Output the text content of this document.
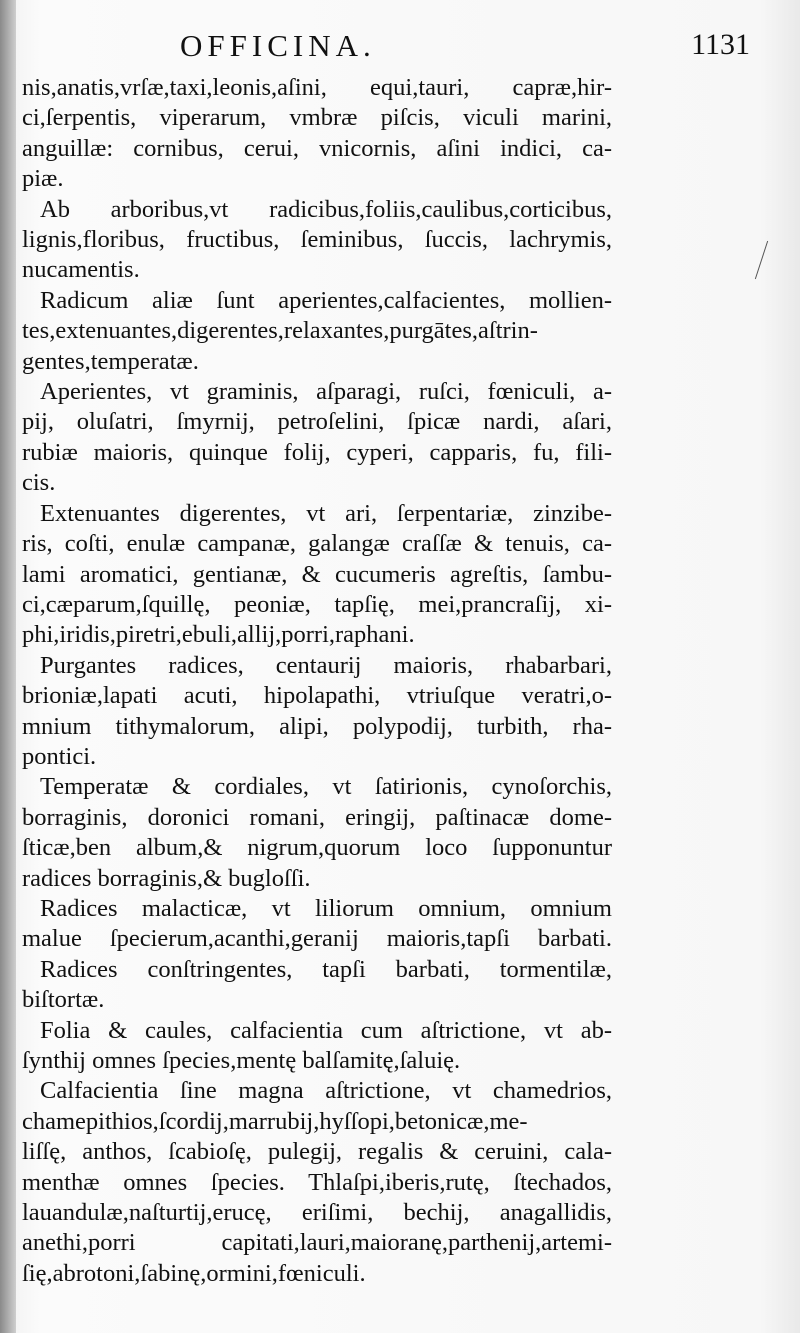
OFFICINA.	1131
nis,anatis,vrſæ,taxi,leonis,aſini, equi,tauri, capræ,hir-
ci,ſerpentis, viperarum, vmbræ piſcis, viculi marini,
anguillæ: cornibus, cerui, vnicornis, aſini indici, ca-
piæ.
Ab arboribus,vt radicibus,foliis,caulibus,corticibus,
lignis,floribus, fructibus, ſeminibus, ſuccis, lachrymis,
nucamentis.
Radicum aliæ ſunt aperientes,calfacientes, mollien-
tes,extenuantes,digerentes,relaxantes,purgātes,aſtrin-
gentes,temperatæ.
Aperientes, vt graminis, aſparagi, ruſci, fœniculi, a-
pij, oluſatri, ſmyrnij, petroſelini, ſpicæ nardi, aſari,
rubiæ maioris, quinque folij, cyperi, capparis, fu, fili-
cis.
Extenuantes digerentes, vt ari, ſerpentariæ, zinzibe-
ris, coſti, enulæ campanæ, galangæ craſſæ & tenuis, ca-
lami aromatici, gentianæ, & cucumeris agreſtis, ſambu-
ci,cæparum,ſquillę, peoniæ, tapſię, mei,prancraſij, xi-
phi,iridis,piretri,ebuli,allij,porri,raphani.
Purgantes radices, centaurij maioris, rhabarbari,
brioniæ,lapati acuti, hipolapathi, vtriuſque veratri,o-
mnium tithymalorum, alipi, polypodij, turbith, rha-
pontici.
Temperatæ & cordiales, vt ſatirionis, cynoſorchis,
borraginis, doronici romani, eringij, paſtinacæ dome-
ſticæ,ben album,& nigrum,quorum loco ſupponuntur
radices borraginis,& bugloſſi.
Radices malacticæ, vt liliorum omnium, omnium
malue ſpecierum,acanthi,geranij maioris,tapſi barbati.
Radices conſtringentes, tapſi barbati, tormentilæ,
biſtortæ.
Folia & caules, calfacientia cum aſtrictione, vt ab-
ſynthij omnes ſpecies,mentę balſamitę,ſaluię.
Calfacientia ſine magna aſtrictione, vt chamedrios,
chamepithios,ſcordij,marrubij,hyſſopi,betonicæ,me-
liſſę, anthos, ſcabioſę, pulegij, regalis & ceruini, cala-
menthæ omnes ſpecies. Thlaſpi,iberis,rutę, ſtechados,
lauandulæ,naſturtij,erucę, eriſimi, bechij, anagallidis,
anethi,porri capitati,lauri,maioranę,parthenij,artemi-
ſię,abrotoni,ſabinę,ormini,fœniculi.
